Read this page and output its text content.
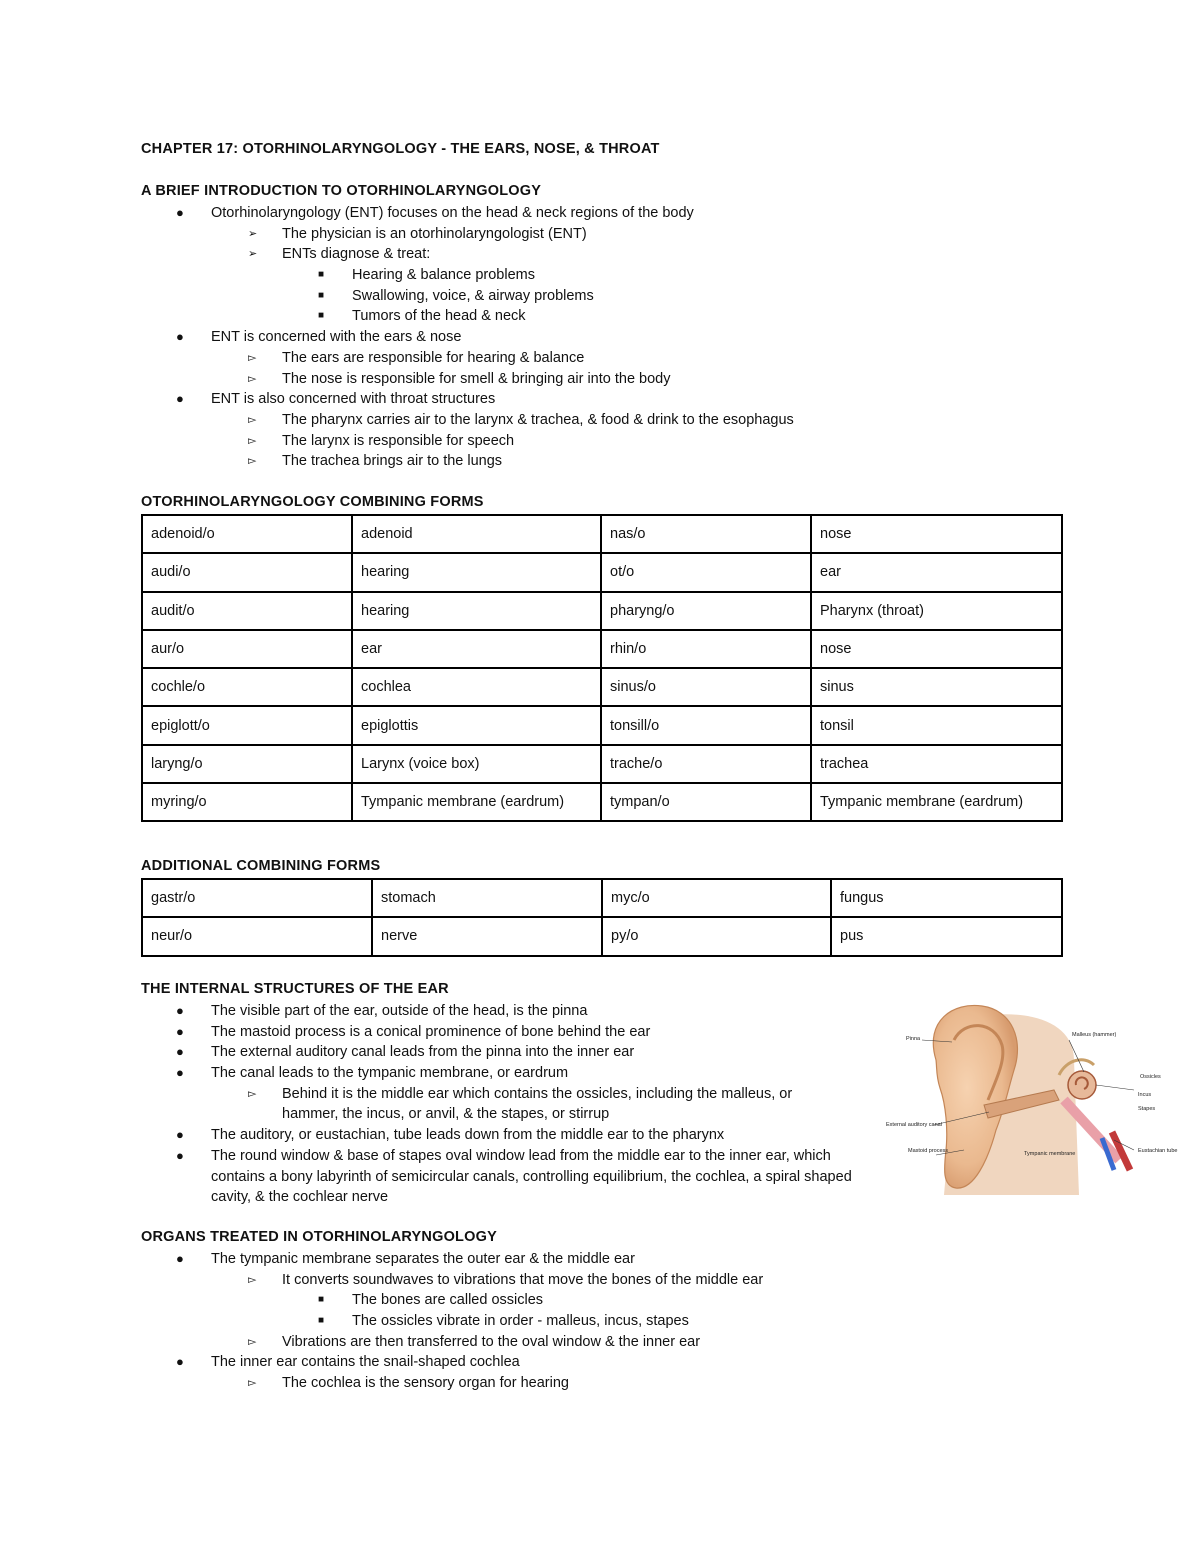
CHAPTER 17: OTORHINOLARYNGOLOGY - THE EARS, NOSE, & THROAT
A BRIEF INTRODUCTION TO OTORHINOLARYNGOLOGY
● Otorhinolaryngology (ENT) focuses on the head & neck regions of the body
➢ The physician is an otorhinolaryngologist (ENT)
➢ ENTs diagnose & treat:
■ Hearing & balance problems
■ Swallowing, voice, & airway problems
■ Tumors of the head & neck
● ENT is concerned with the ears & nose
▻ The ears are responsible for hearing & balance
▻ The nose is responsible for smell & bringing air into the body
● ENT is also concerned with throat structures
▻ The pharynx carries air to the larynx & trachea, & food & drink to the esophagus
▻ The larynx is responsible for speech
▻ The trachea brings air to the lungs
OTORHINOLARYNGOLOGY COMBINING FORMS
adenoid/o	adenoid	nas/o	nose
audi/o	hearing	ot/o	ear
audit/o	hearing	pharyng/o	Pharynx (throat)
aur/o	ear	rhin/o	nose
cochle/o	cochlea	sinus/o	sinus
epiglott/o	epiglottis	tonsill/o	tonsil
laryng/o	Larynx (voice box)	trache/o	trachea
myring/o	Tympanic membrane (eardrum)	tympan/o	Tympanic membrane (eardrum)
ADDITIONAL COMBINING FORMS
gastr/o	stomach	myc/o	fungus
neur/o	nerve	py/o	pus
THE INTERNAL STRUCTURES OF THE EAR
● The visible part of the ear, outside of the head, is the pinna
● The mastoid process is a conical prominence of bone behind the ear
● The external auditory canal leads from the pinna into the inner ear
● The canal leads to the tympanic membrane, or eardrum
▻ Behind it is the middle ear which contains the ossicles, including the malleus, or hammer, the incus, or anvil, & the stapes, or stirrup
● The auditory, or eustachian, tube leads down from the middle ear to the pharynx
● The round window & base of stapes oval window lead from the middle ear to the inner ear, which contains a bony labyrinth of semicircular canals, controlling equilibrium, the cochlea, a spiral shaped cavity, & the cochlear nerve
Pinna
Malleus (hammer)
Ossicles
External auditory canal
Mastoid process	Tympanic membrane	Eustachian tube
Incus
Stapes
ORGANS TREATED IN OTORHINOLARYNGOLOGY
● The tympanic membrane separates the outer ear & the middle ear
▻ It converts soundwaves to vibrations that move the bones of the middle ear
■ The bones are called ossicles
■ The ossicles vibrate in order - malleus, incus, stapes
▻ Vibrations are then transferred to the oval window & the inner ear
● The inner ear contains the snail-shaped cochlea
▻ The cochlea is the sensory organ for hearing
